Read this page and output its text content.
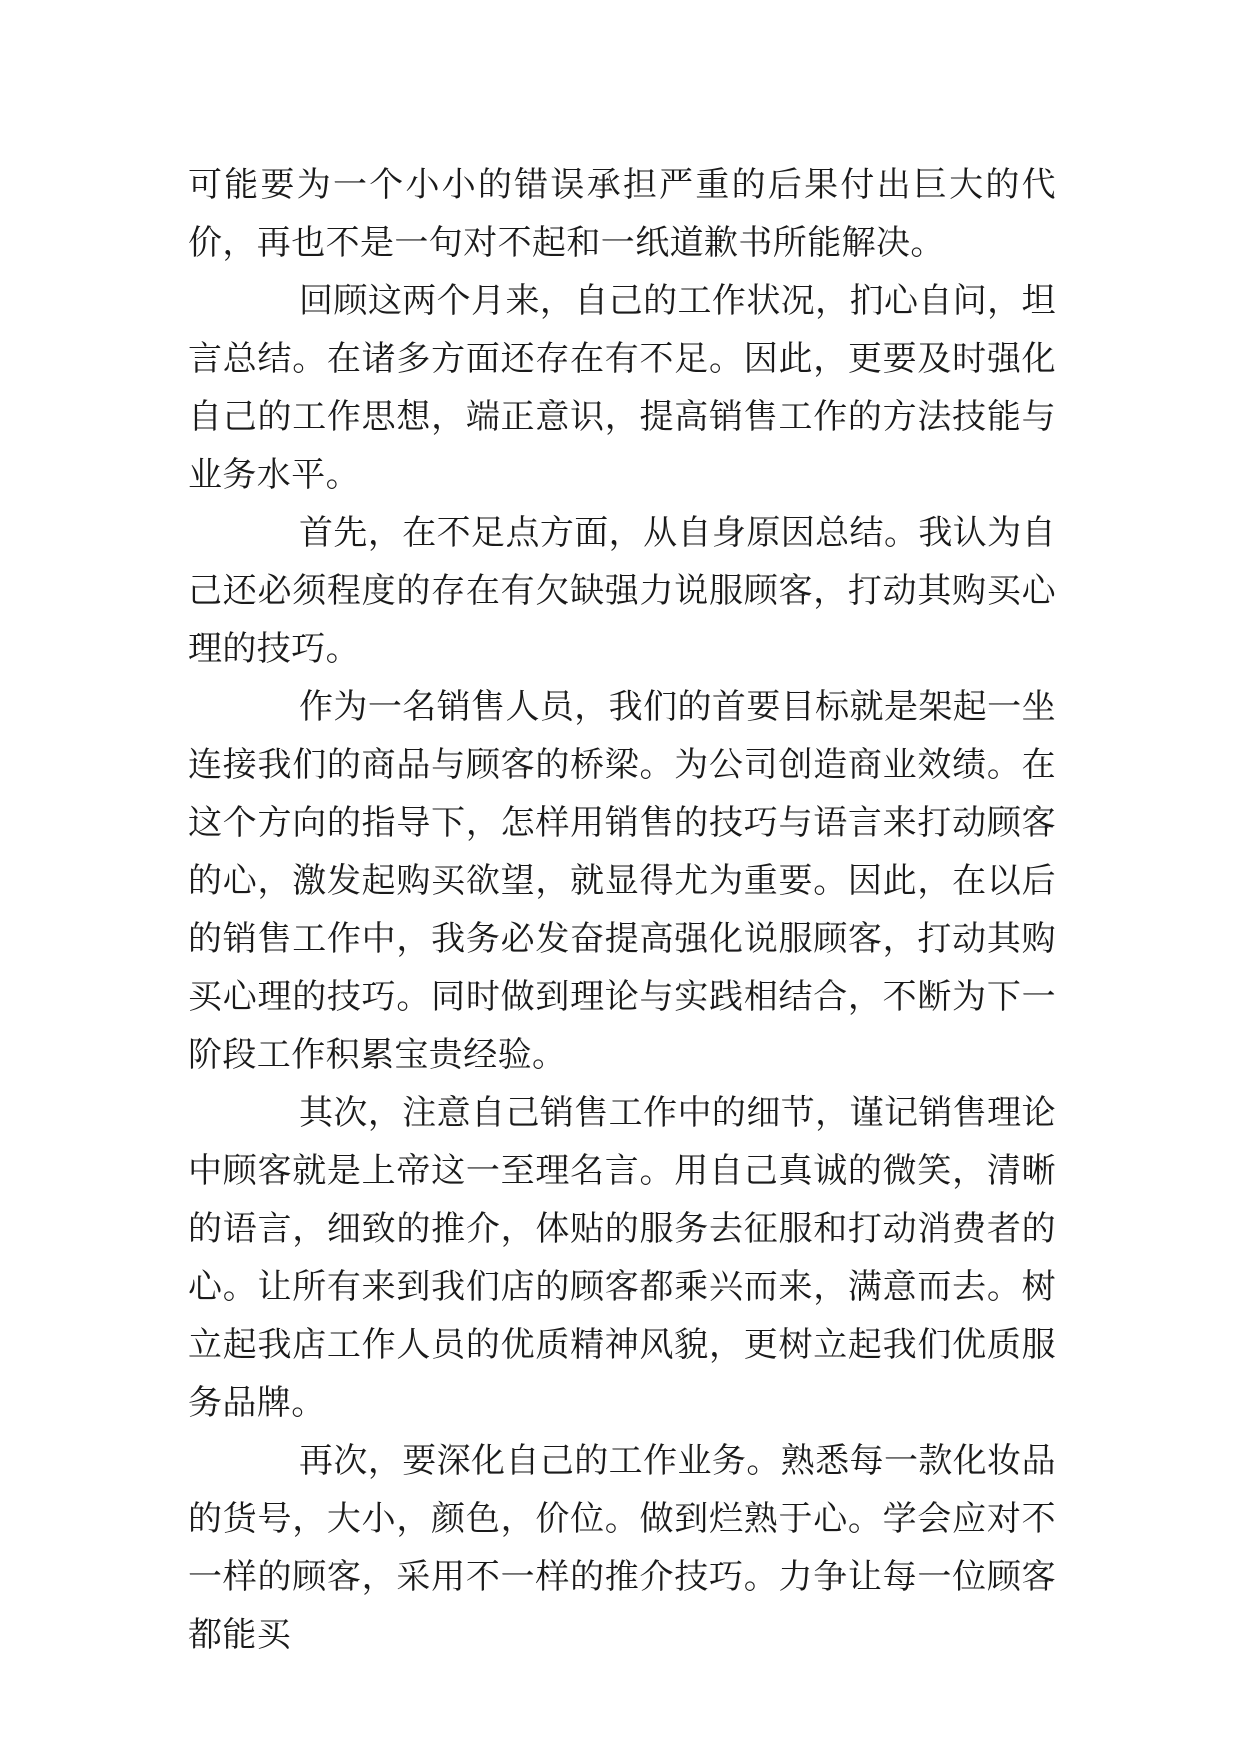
可能要为一个小小的错误承担严重的后果付出巨大的代价，再也不是一句对不起和一纸道歉书所能解决。

回顾这两个月来，自己的工作状况，扪心自问，坦言总结。在诸多方面还存在有不足。因此，更要及时强化自己的工作思想，端正意识，提高销售工作的方法技能与业务水平。

首先，在不足点方面，从自身原因总结。我认为自己还必须程度的存在有欠缺强力说服顾客，打动其购买心理的技巧。

作为一名销售人员，我们的首要目标就是架起一坐连接我们的商品与顾客的桥梁。为公司创造商业效绩。在这个方向的指导下，怎样用销售的技巧与语言来打动顾客的心，激发起购买欲望，就显得尤为重要。因此，在以后的销售工作中，我务必发奋提高强化说服顾客，打动其购买心理的技巧。同时做到理论与实践相结合，不断为下一阶段工作积累宝贵经验。

其次，注意自己销售工作中的细节，谨记销售理论中顾客就是上帝这一至理名言。用自己真诚的微笑，清晰的语言，细致的推介，体贴的服务去征服和打动消费者的心。让所有来到我们店的顾客都乘兴而来，满意而去。树立起我店工作人员的优质精神风貌，更树立起我们优质服务品牌。

再次，要深化自己的工作业务。熟悉每一款化妆品的货号，大小，颜色，价位。做到烂熟于心。学会应对不一样的顾客，采用不一样的推介技巧。力争让每一位顾客都能买
